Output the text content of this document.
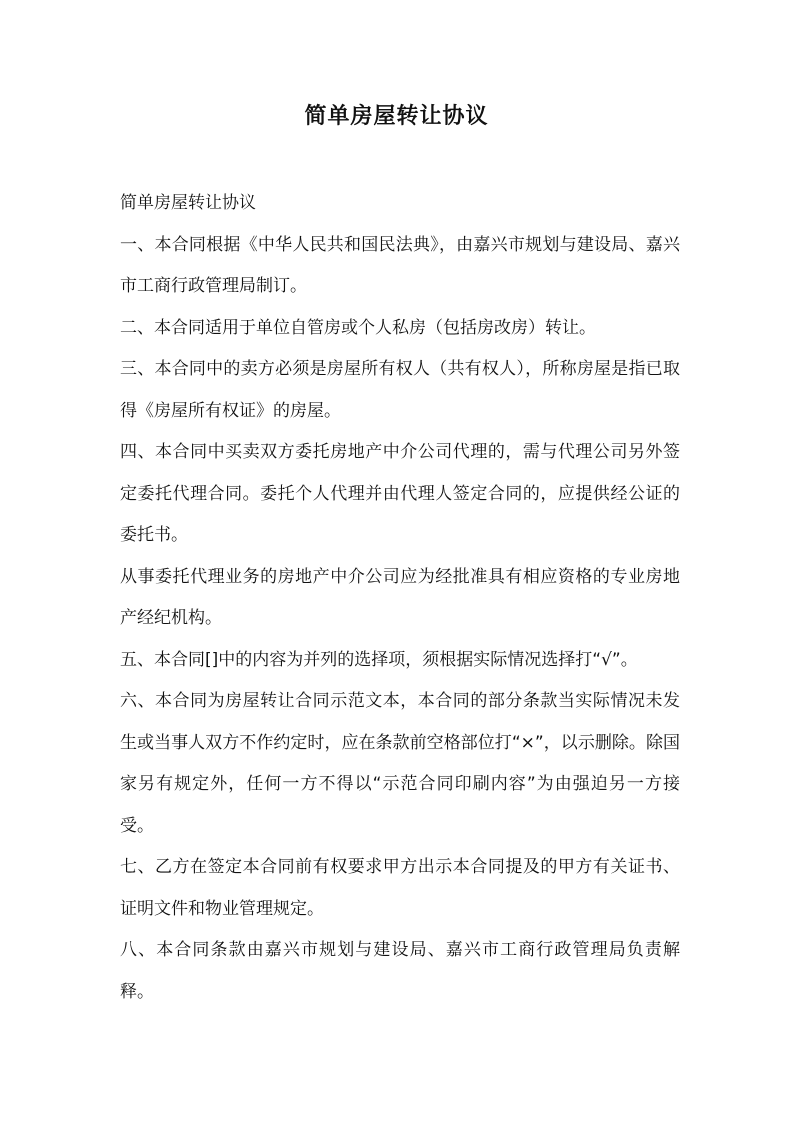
简单房屋转让协议

简单房屋转让协议

一、本合同根据《中华人民共和国民法典》，由嘉兴市规划与建设局、嘉兴市工商行政管理局制订。

二、本合同适用于单位自管房或个人私房（包括房改房）转让。

三、本合同中的卖方必须是房屋所有权人（共有权人），所称房屋是指已取得《房屋所有权证》的房屋。

四、本合同中买卖双方委托房地产中介公司代理的，需与代理公司另外签定委托代理合同。委托个人代理并由代理人签定合同的，应提供经公证的委托书。

从事委托代理业务的房地产中介公司应为经批准具有相应资格的专业房地产经纪机构。

五、本合同[]中的内容为并列的选择项，须根据实际情况选择打“√”。

六、本合同为房屋转让合同示范文本，本合同的部分条款当实际情况未发生或当事人双方不作约定时，应在条款前空格部位打“×”，以示删除。除国家另有规定外，任何一方不得以“示范合同印刷内容”为由强迫另一方接受。

七、乙方在签定本合同前有权要求甲方出示本合同提及的甲方有关证书、证明文件和物业管理规定。

八、本合同条款由嘉兴市规划与建设局、嘉兴市工商行政管理局负责解释。
